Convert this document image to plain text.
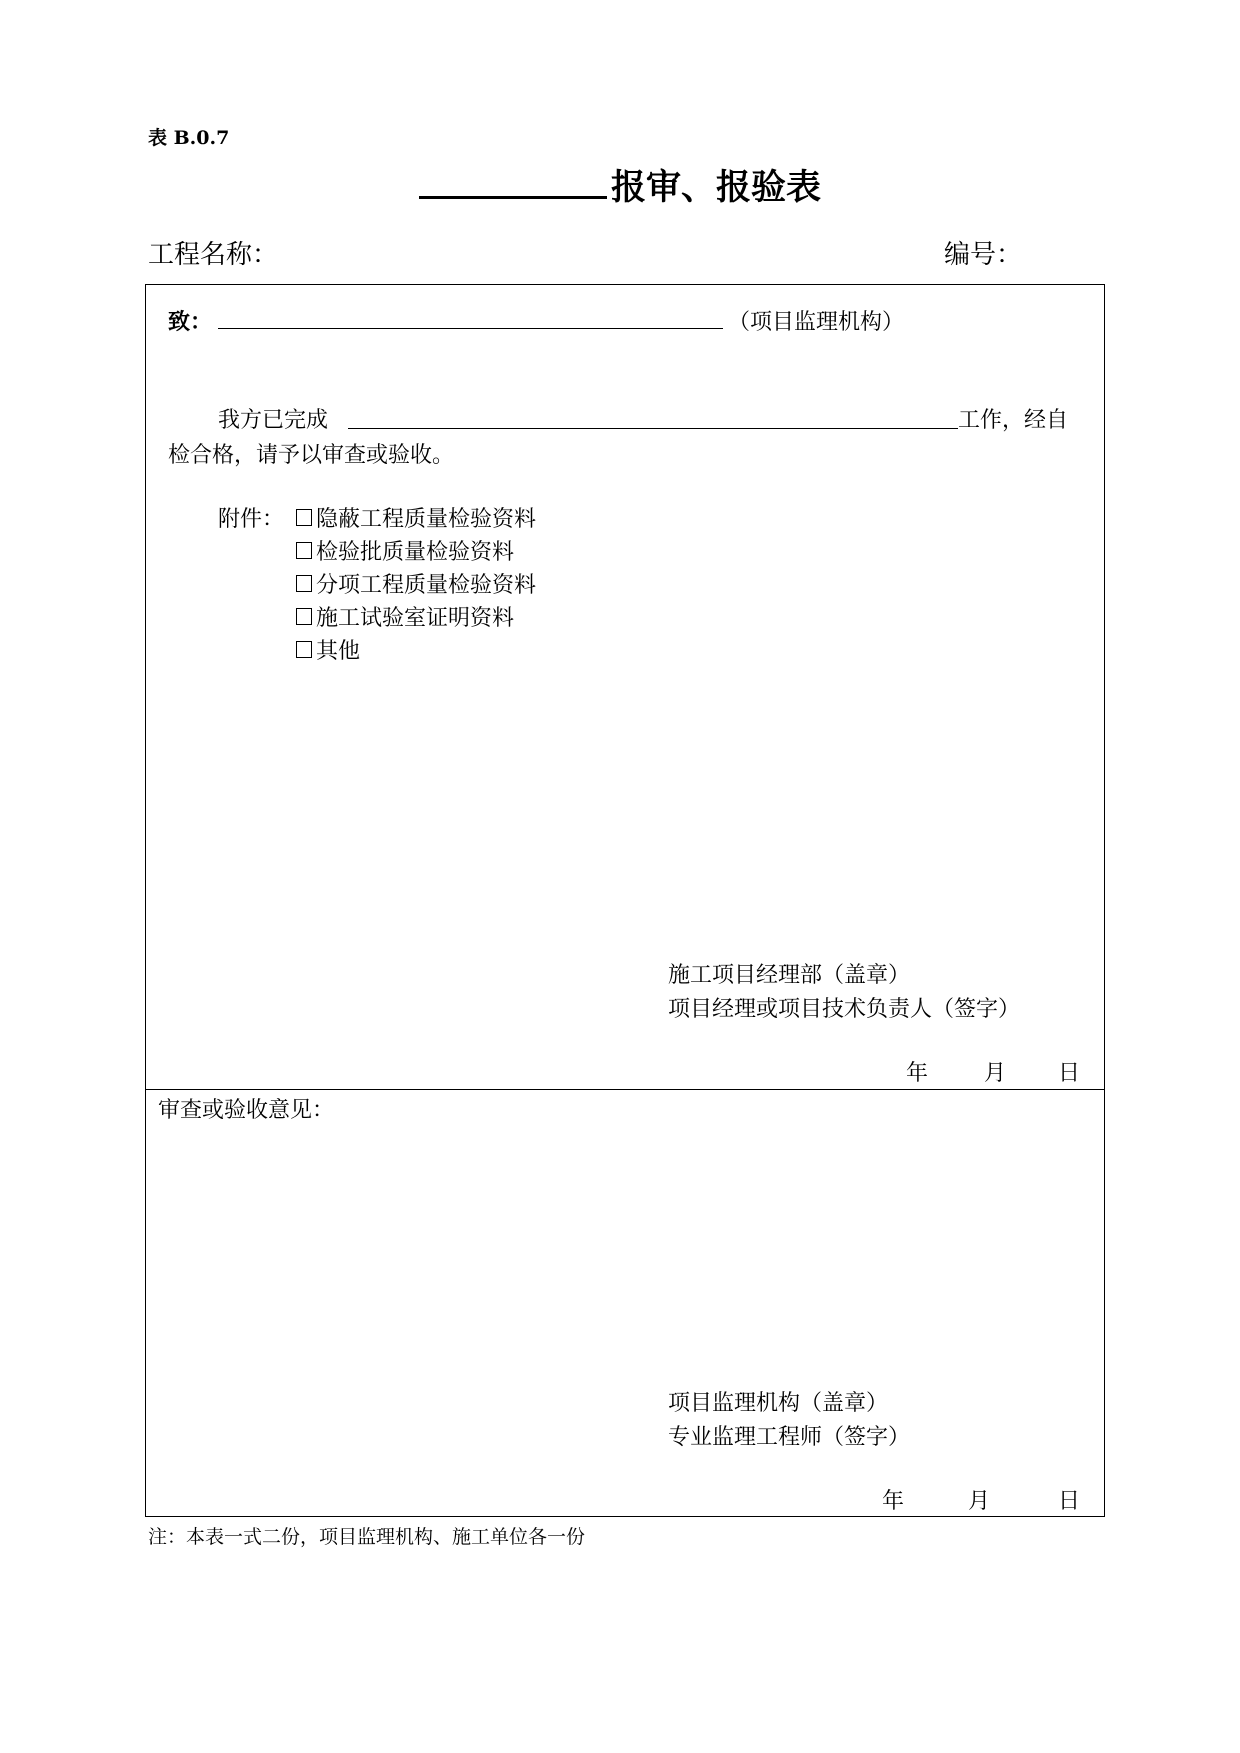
表 B.0.7
报审、报验表
工程名称：	编号：
致：	（项目监理机构）
我方已完成	工作，经自
检合格，请予以审查或验收。
附件： 隐蔽工程质量检验资料
检验批质量检验资料
分项工程质量检验资料
施工试验室证明资料
其他
施工项目经理部（盖章）
项目经理或项目技术负责人（签字）
年	月 日
审查或验收意见：
项目监理机构（盖章）
专业监理工程师（签字）
年	月	日
注：本表一式二份，项目监理机构、施工单位各一份
